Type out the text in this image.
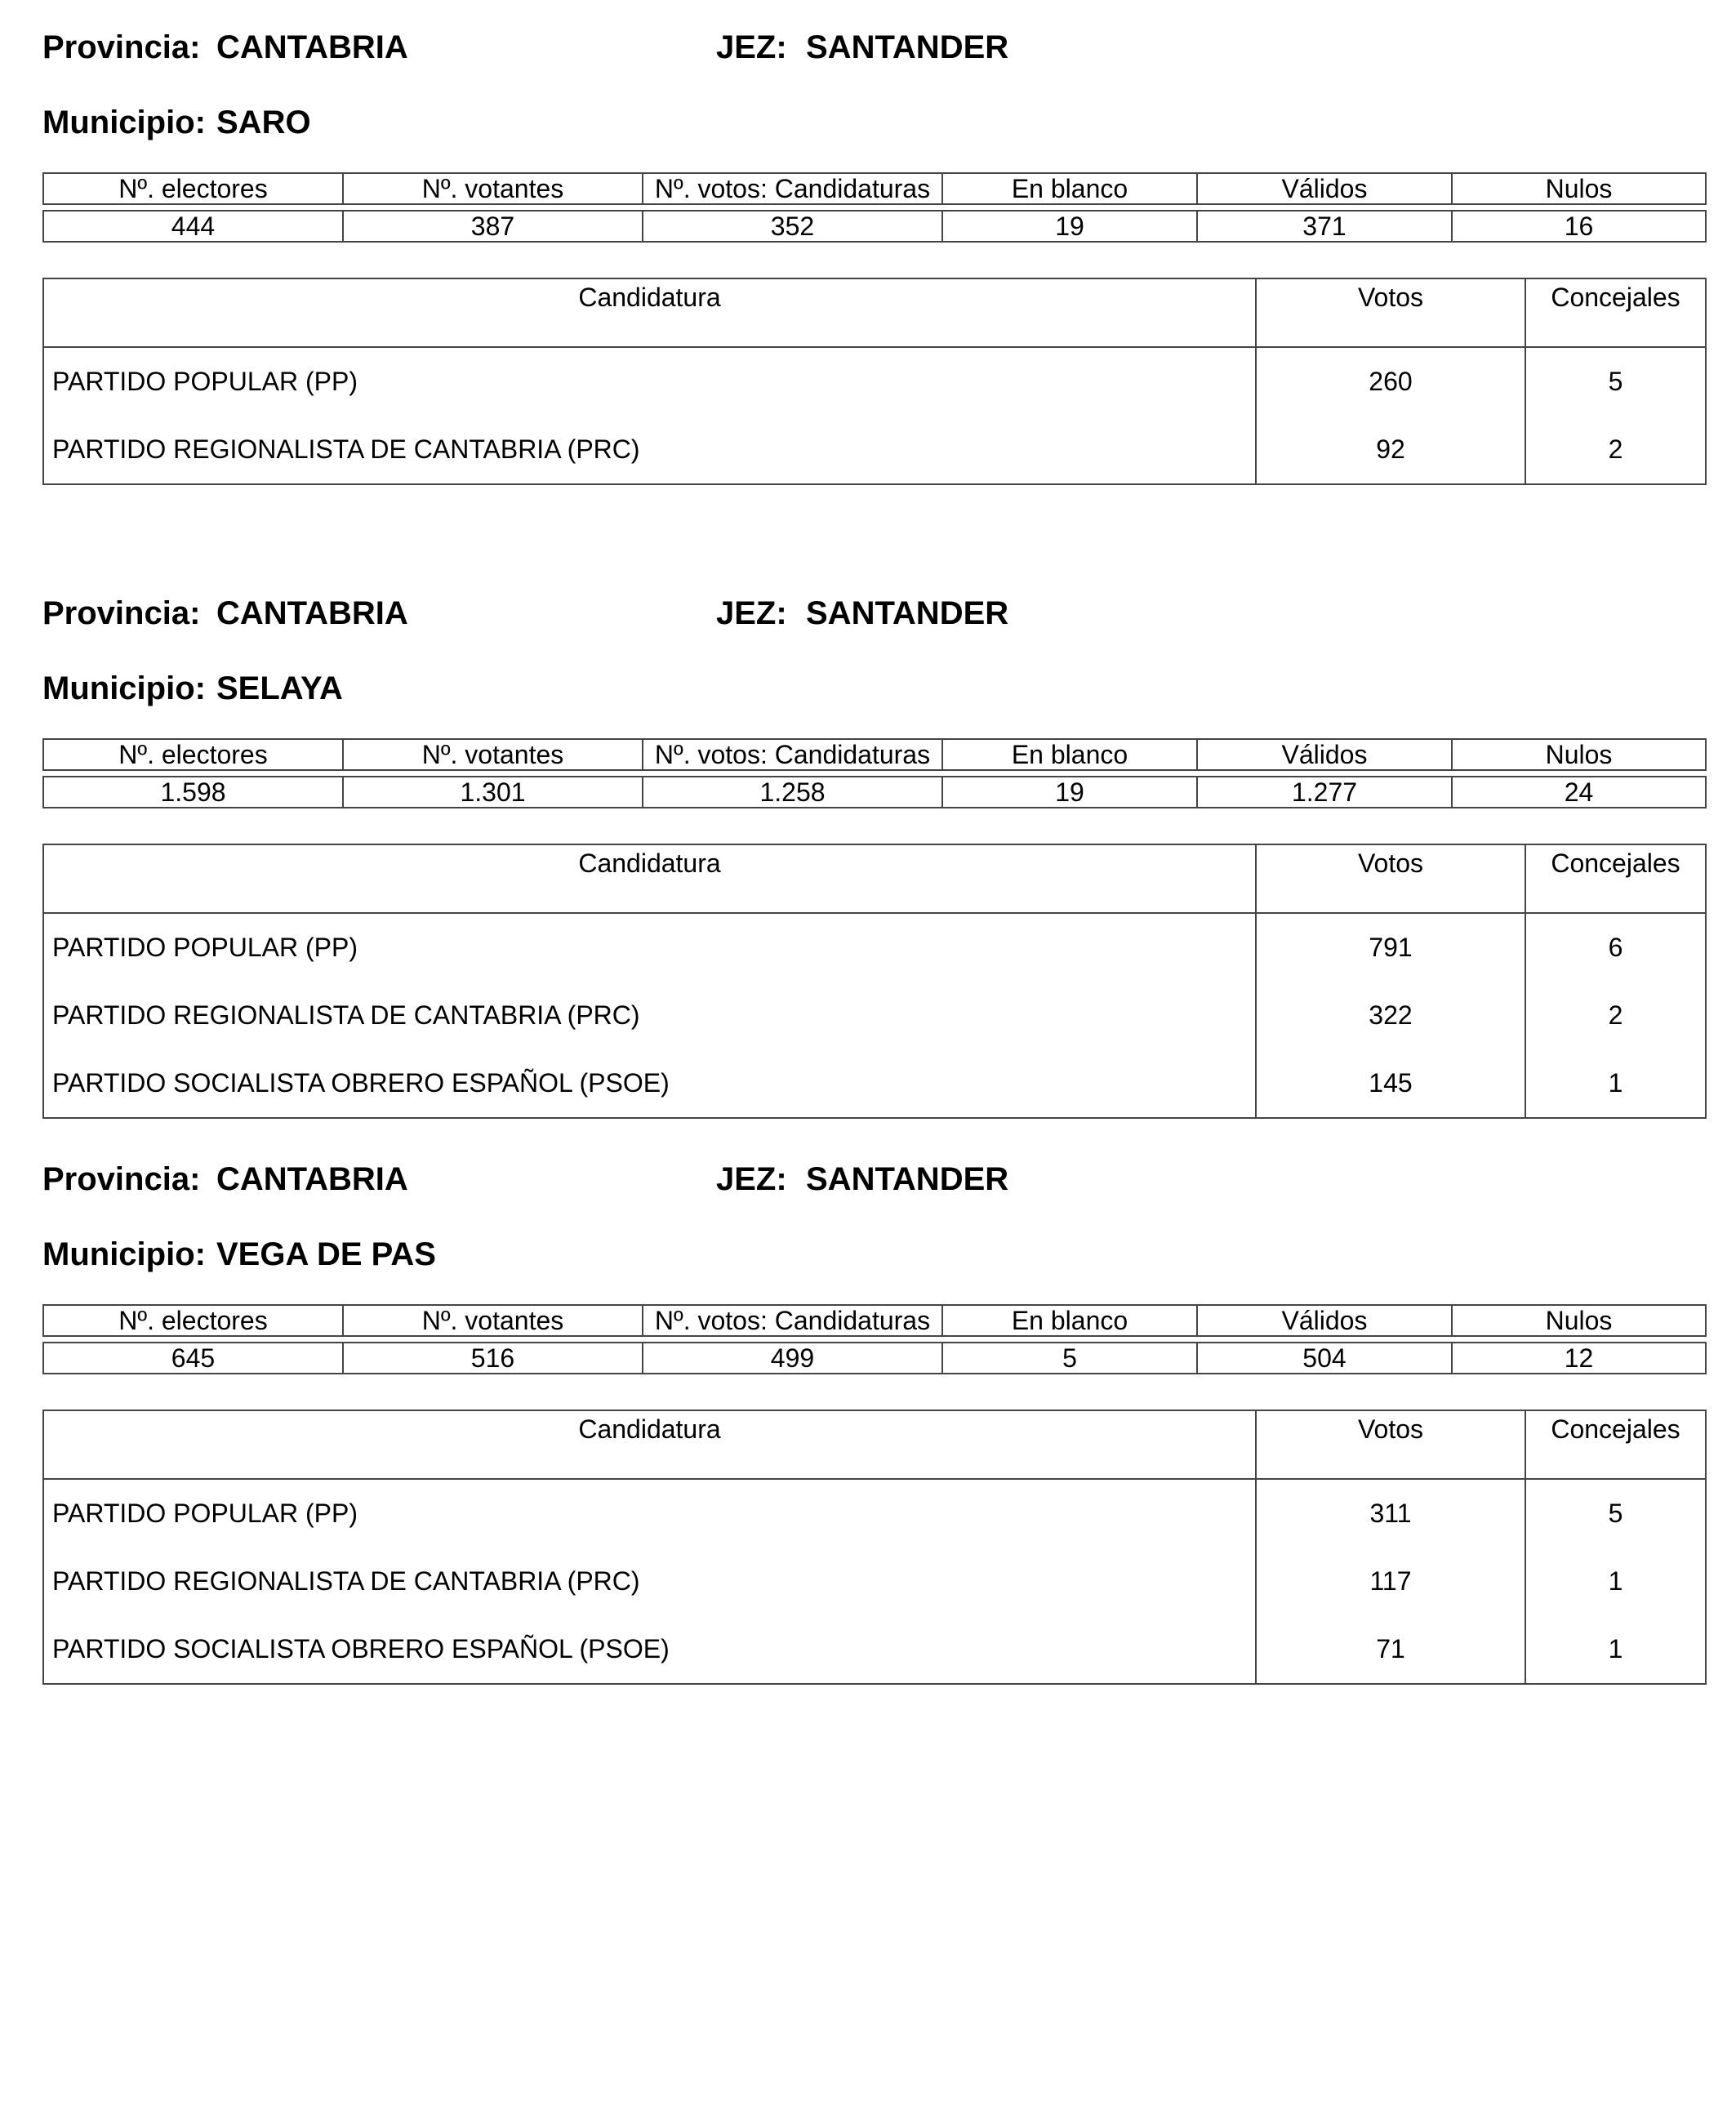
Provincia: CANTABRIA	JEZ: SANTANDER
Municipio: SARO
Nº. electores	Nº. votantes	Nº. votos: Candidaturas	En blanco	Válidos	Nulos

444	387	352	19	371	16
Candidatura	Votos	Concejales
PARTIDO POPULAR (PP)	260	5
PARTIDO REGIONALISTA DE CANTABRIA (PRC)	92	2
Provincia: CANTABRIA	JEZ: SANTANDER
Municipio: SELAYA
Nº. electores	Nº. votantes	Nº. votos: Candidaturas	En blanco	Válidos	Nulos

1.598	1.301	1.258	19	1.277	24
Candidatura	Votos	Concejales
PARTIDO POPULAR (PP)	791	6
PARTIDO REGIONALISTA DE CANTABRIA (PRC)	322	2
PARTIDO SOCIALISTA OBRERO ESPAÑOL (PSOE)	145	1
Provincia: CANTABRIA	JEZ: SANTANDER
Municipio: VEGA DE PAS
Nº. electores	Nº. votantes	Nº. votos: Candidaturas	En blanco	Válidos	Nulos

645	516	499	5	504	12
Candidatura	Votos	Concejales
PARTIDO POPULAR (PP)	311	5
PARTIDO REGIONALISTA DE CANTABRIA (PRC)	117	1
PARTIDO SOCIALISTA OBRERO ESPAÑOL (PSOE)	71	1
